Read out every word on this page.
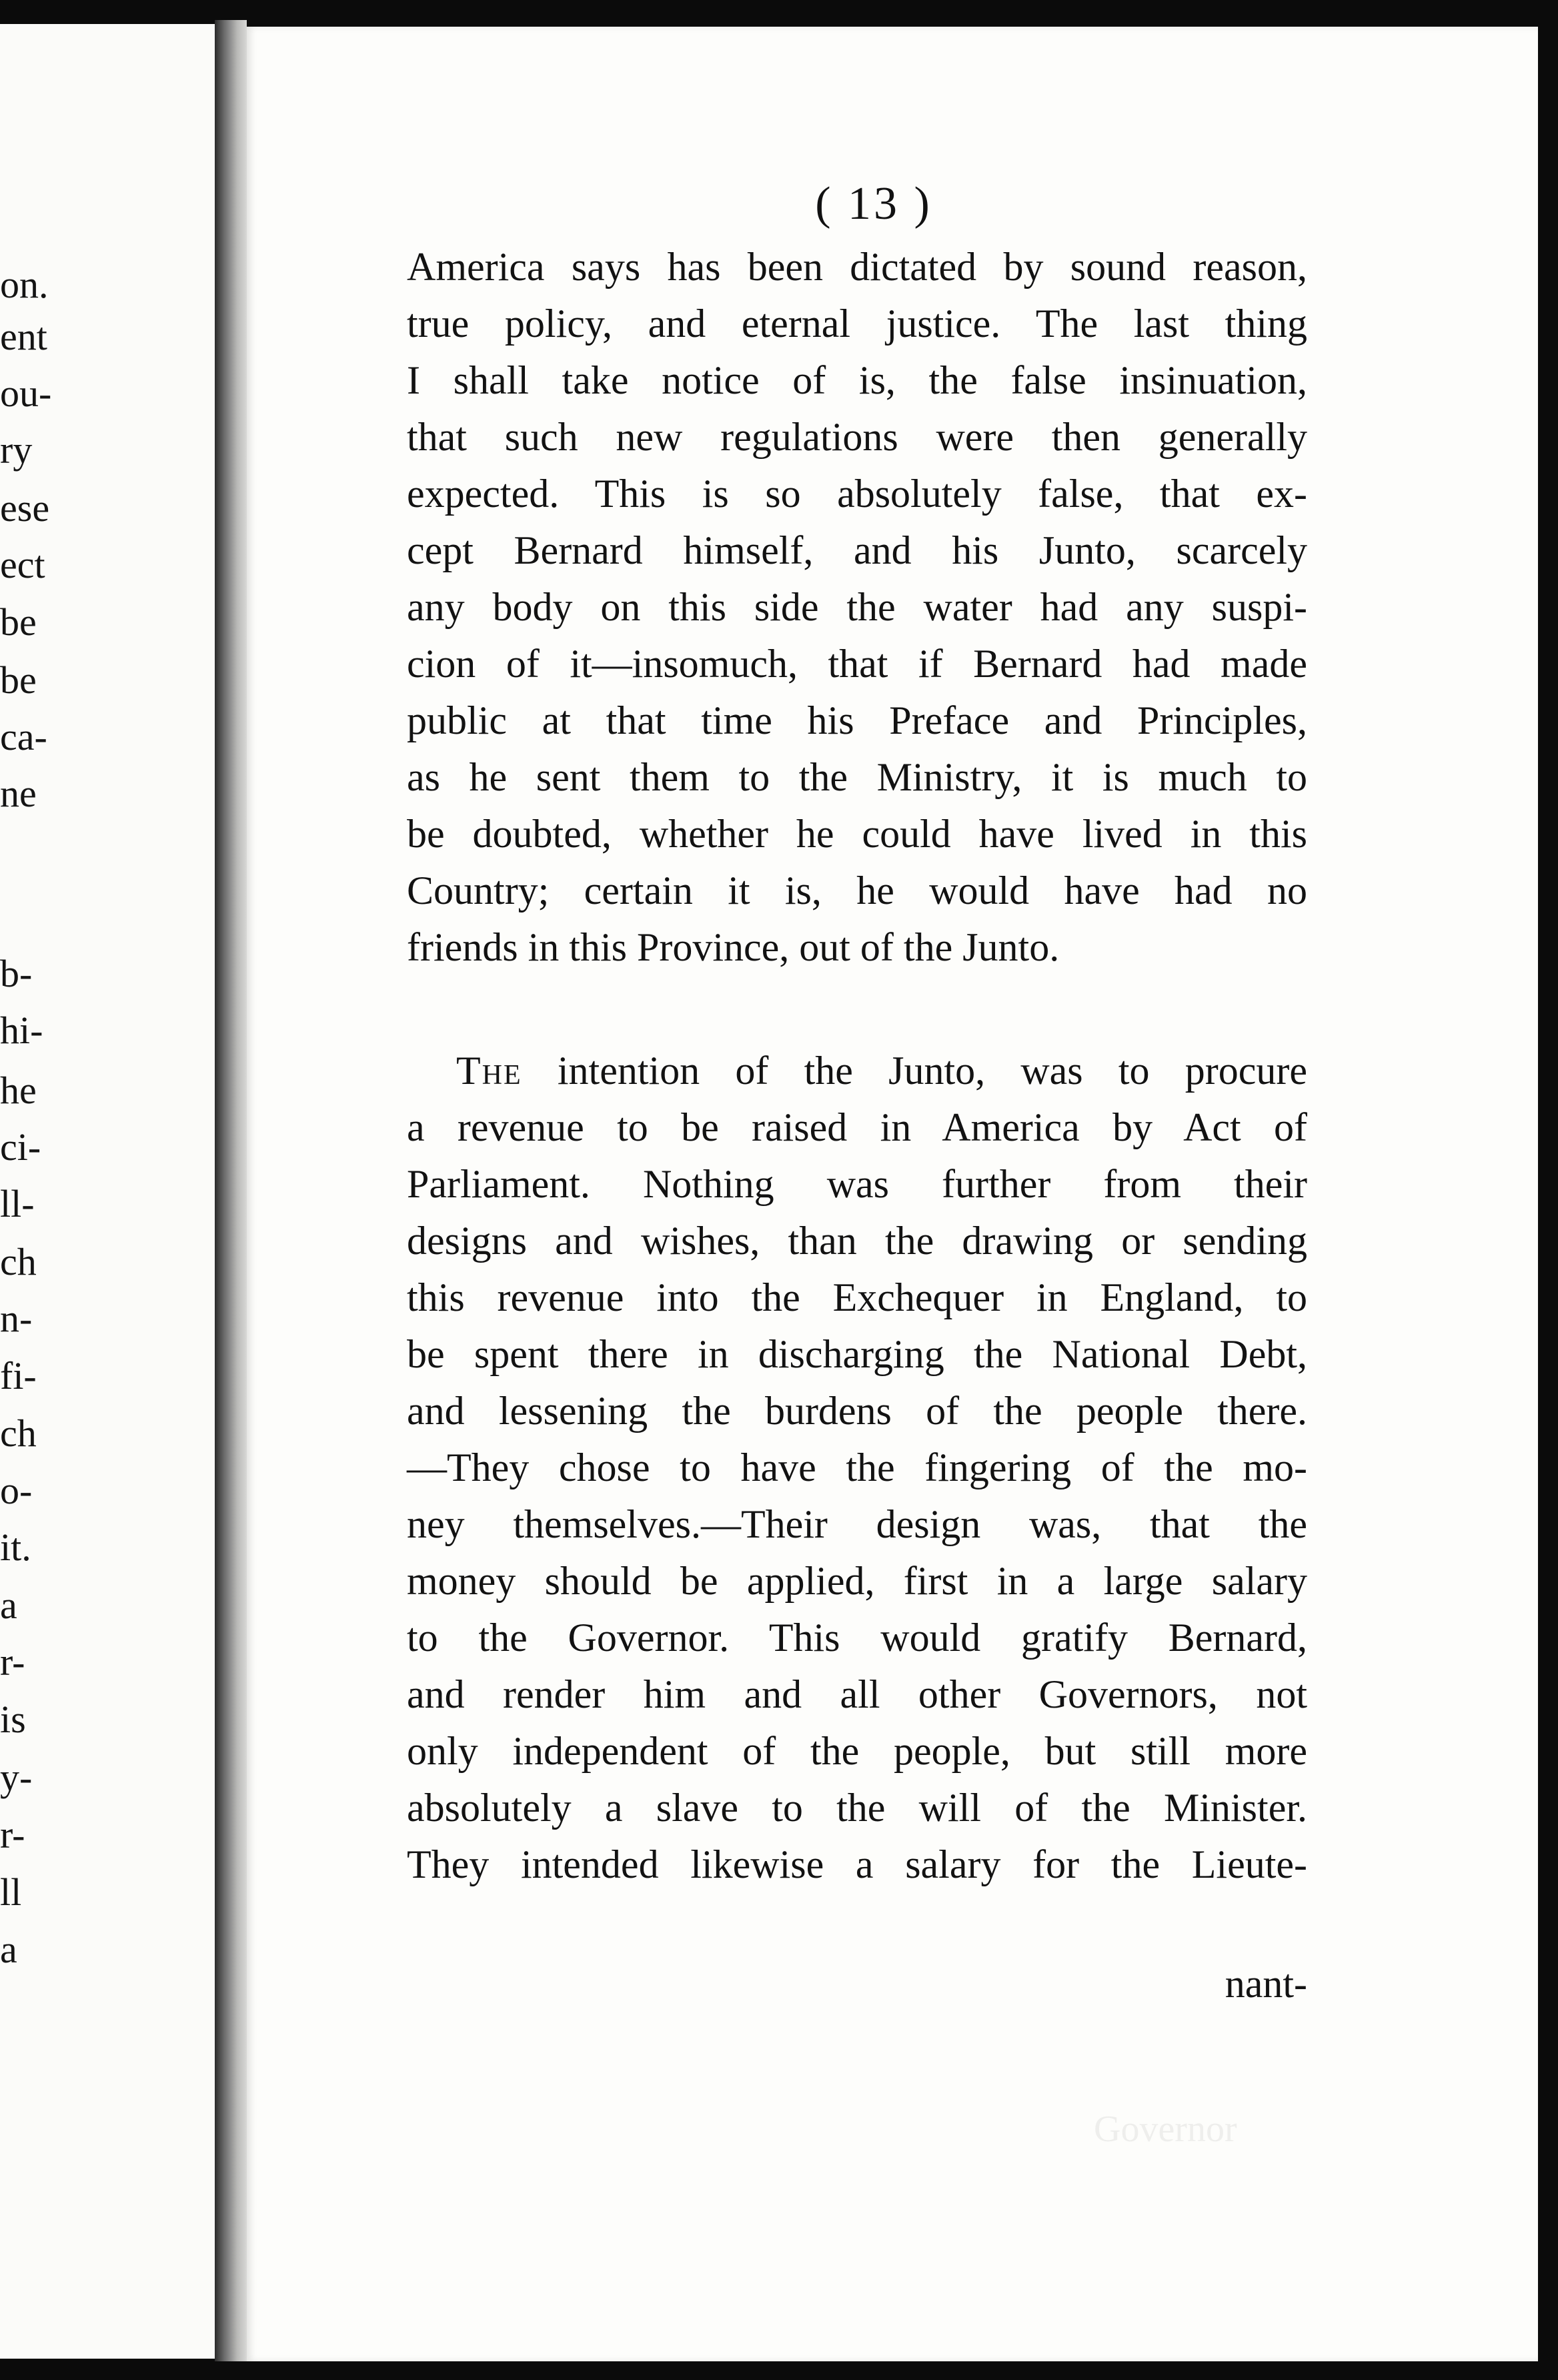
on.

ent

ou-

ry

ese

ect

be

be

ca-

ne

b-

hi-

he

ci-

ll-

ch

n-

fi-

ch

o-

it.

a

r-

is

y-

r-

ll

a

Governor
( 13 )

America says has been dictated by sound reason,

true policy, and eternal justice. The last thing

I shall take notice of is, the false insinuation,

that such new regulations were then generally

expected. This is so absolutely false, that ex-

cept Bernard himself, and his Junto, scarcely

any body on this side the water had any suspi-

cion of it—insomuch, that if Bernard had made

public at that time his Preface and Principles,

as he sent them to the Ministry, it is much to

be doubted, whether he could have lived in this

Country; certain it is, he would have had no

friends in this Province, out of the Junto.

The intention of the Junto, was to procure

a revenue to be raised in America by Act of

Parliament. Nothing was further from their

designs and wishes, than the drawing or sending

this revenue into the Exchequer in England, to

be spent there in discharging the National Debt,

and lessening the burdens of the people there.

—They chose to have the fingering of the mo-

ney themselves.—Their design was, that the

money should be applied, first in a large salary

to the Governor. This would gratify Bernard,

and render him and all other Governors, not

only independent of the people, but still more

absolutely a slave to the will of the Minister.

They intended likewise a salary for the Lieute-

nant-
